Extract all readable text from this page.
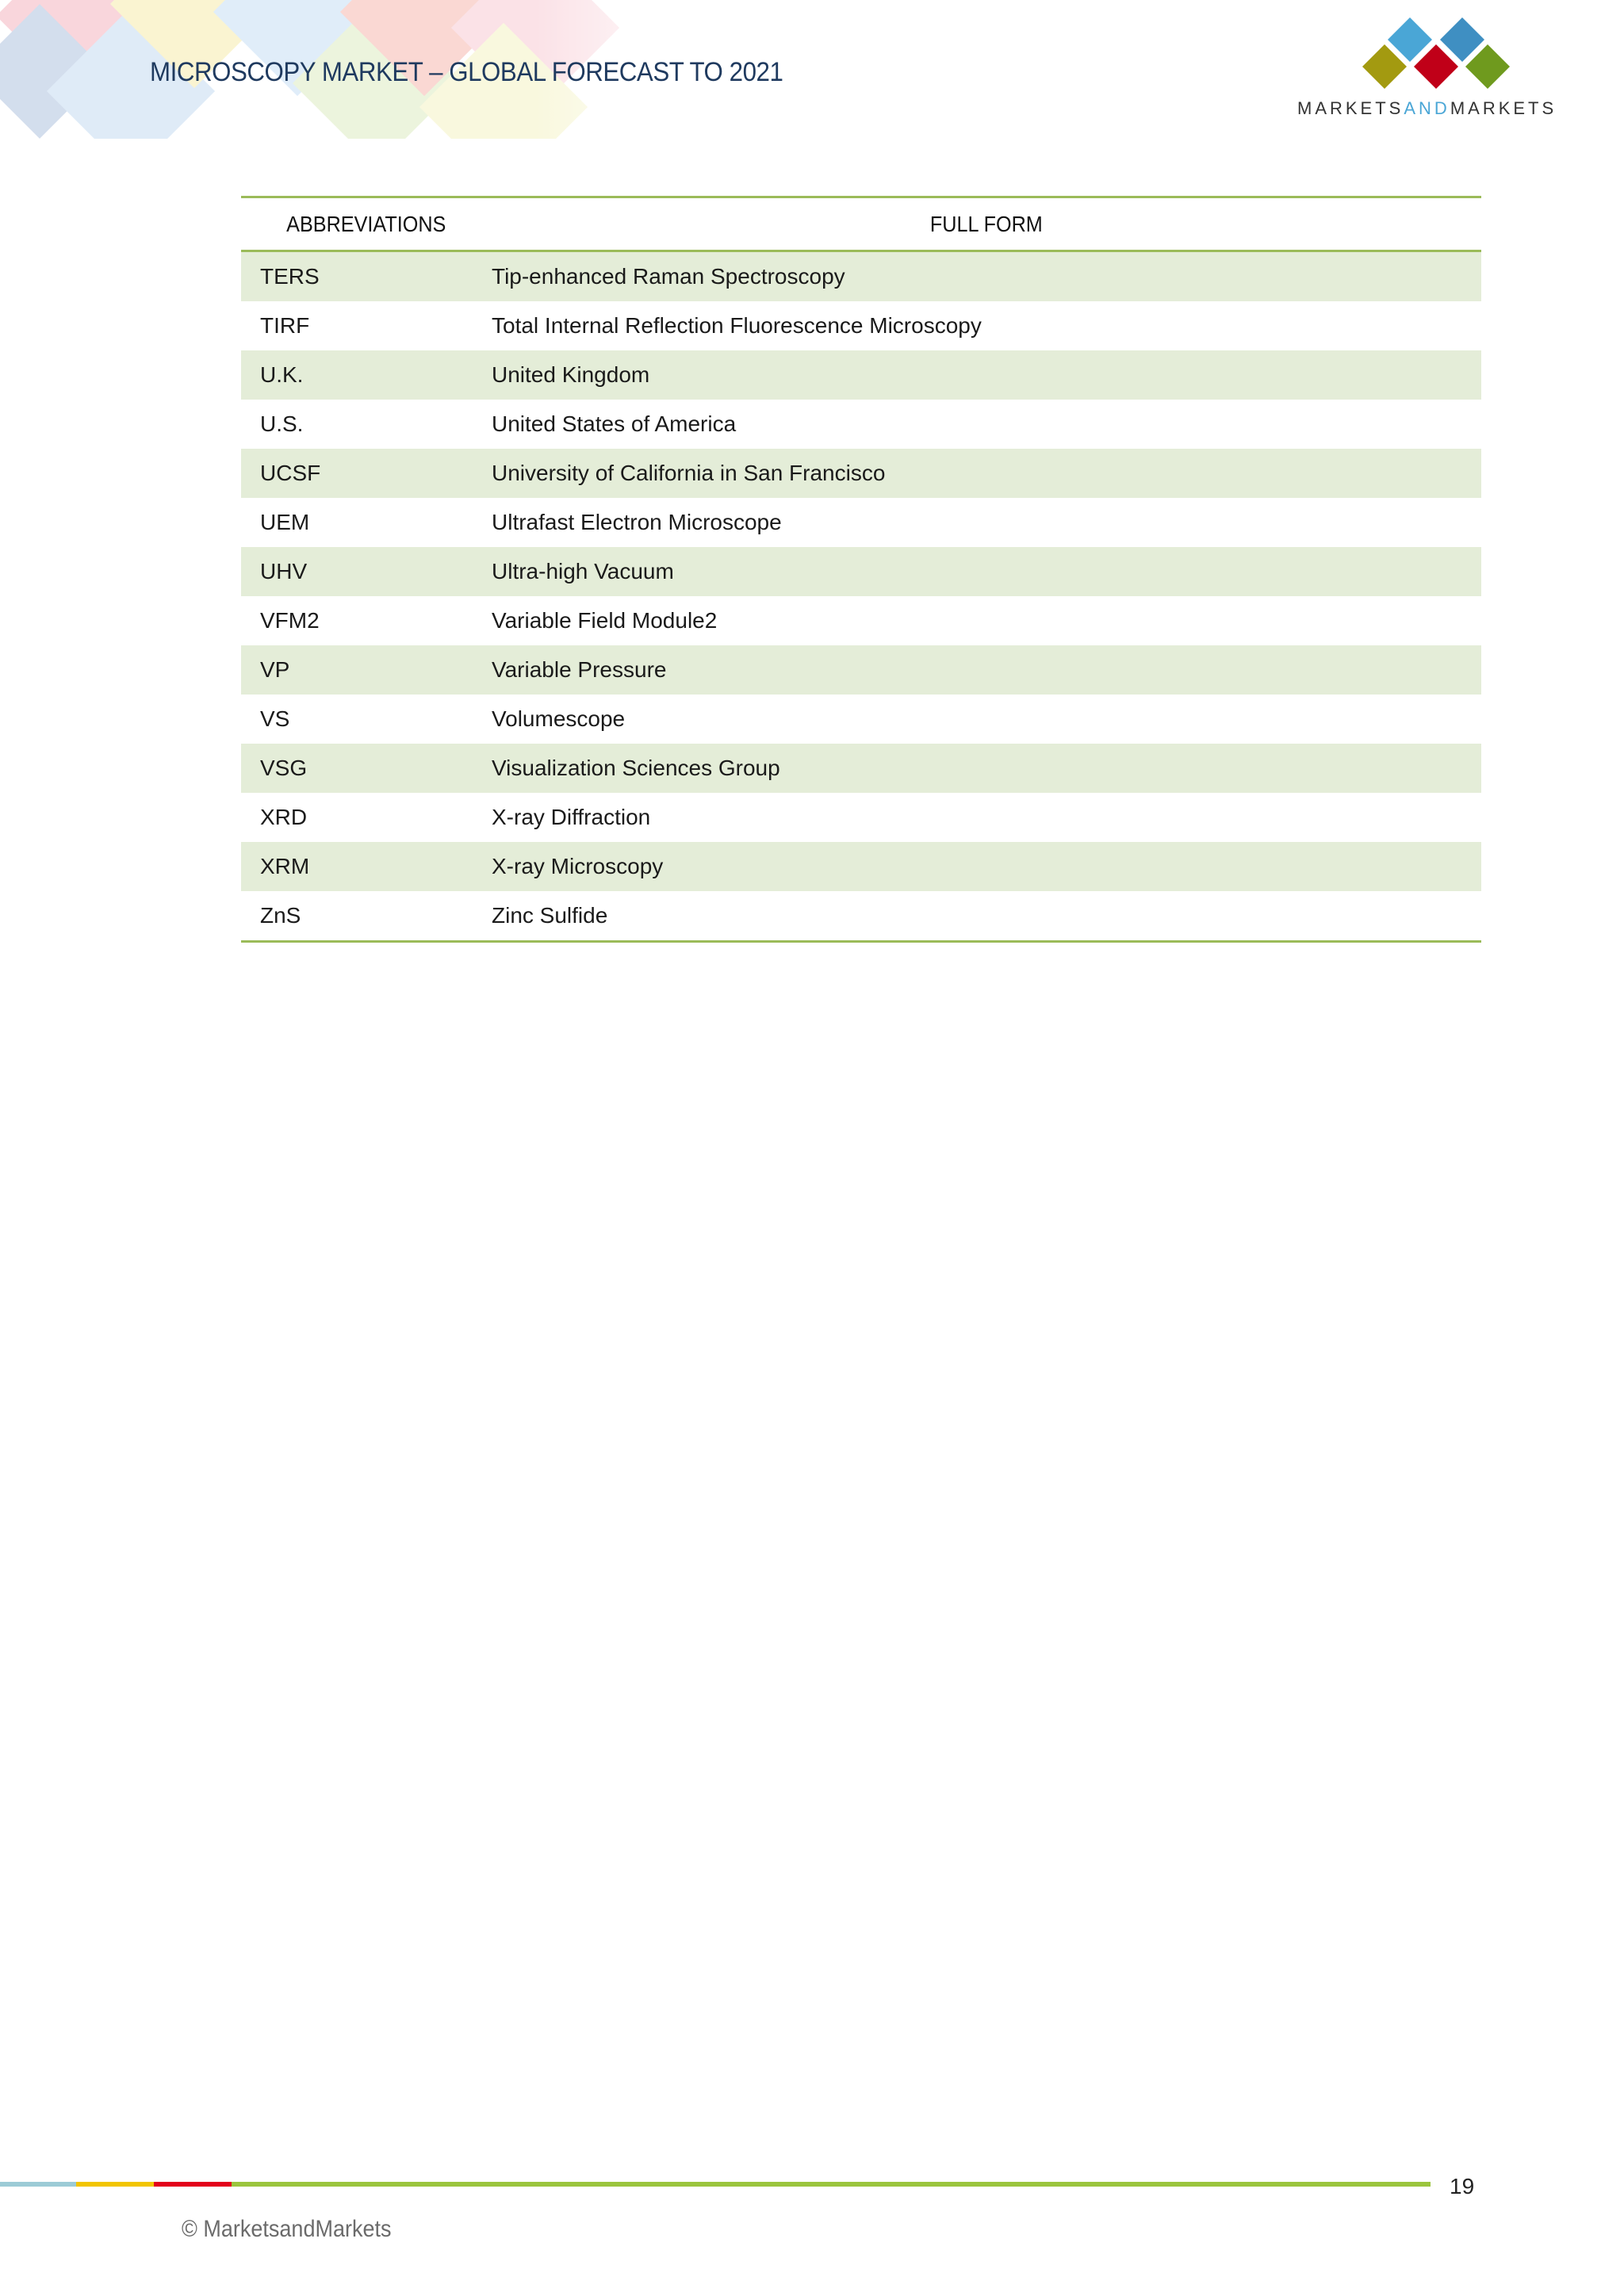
MICROSCOPY MARKET – GLOBAL FORECAST TO 2021
MARKETSANDMARKETS
ABBREVIATIONS	FULL FORM
TERS	Tip-enhanced Raman Spectroscopy
TIRF	Total Internal Reflection Fluorescence Microscopy
U.K.	United Kingdom
U.S.	United States of America
UCSF	University of California in San Francisco
UEM	Ultrafast Electron Microscope
UHV	Ultra-high Vacuum
VFM2	Variable Field Module2
VP	Variable Pressure
VS	Volumescope
VSG	Visualization Sciences Group
XRD	X-ray Diffraction
XRM	X-ray Microscopy
ZnS	Zinc Sulfide
19
© MarketsandMarkets
